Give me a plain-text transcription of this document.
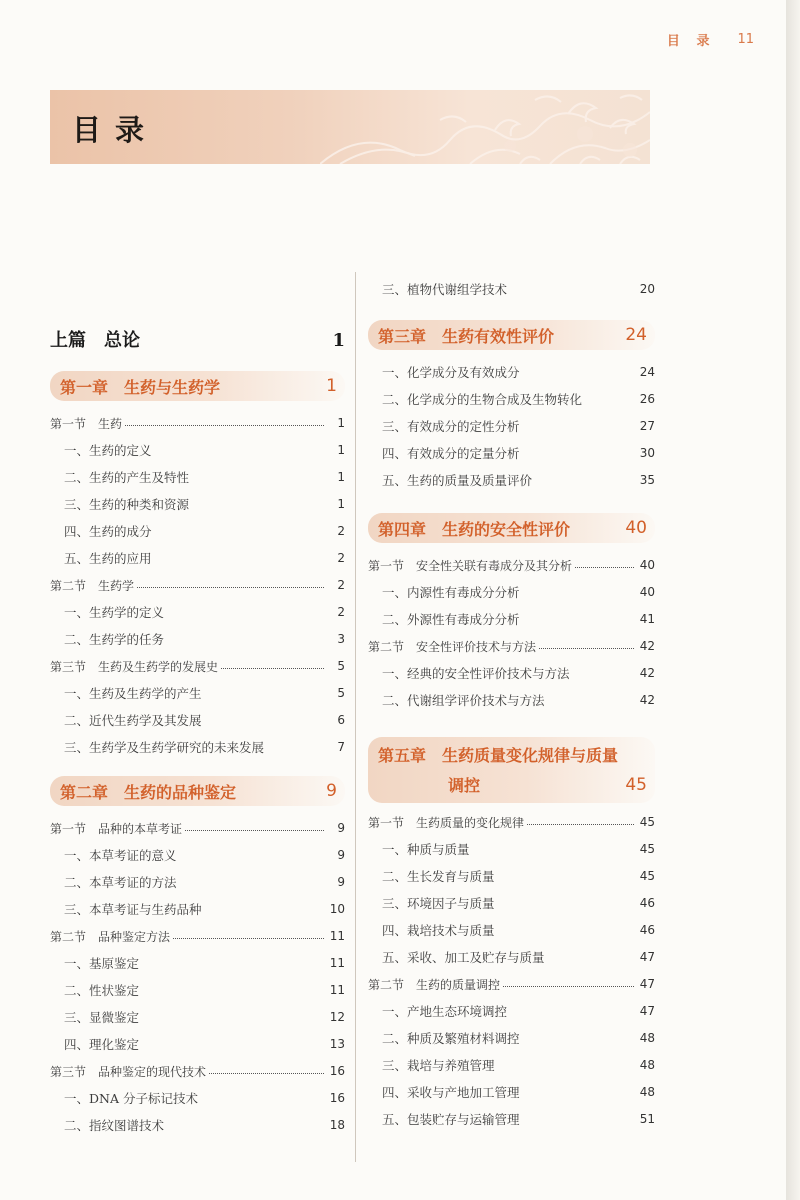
目 录 11
目录
上篇　总论	1
第一章　生药与生药学	1
第一节　生药	1
一、生药的定义	1
二、生药的产生及特性	1
三、生药的种类和资源	1
四、生药的成分	2
五、生药的应用	2
第二节　生药学	2
一、生药学的定义	2
二、生药学的任务	3
第三节　生药及生药学的发展史	5
一、生药及生药学的产生	5
二、近代生药学及其发展	6
三、生药学及生药学研究的未来发展	7
第二章　生药的品种鉴定	9
第一节　品种的本草考证	9
一、本草考证的意义	9
二、本草考证的方法	9
三、本草考证与生药品种	10
第二节　品种鉴定方法	11
一、基原鉴定	11
二、性状鉴定	11
三、显微鉴定	12
四、理化鉴定	13
第三节　品种鉴定的现代技术	16
一、DNA 分子标记技术	16
二、指纹图谱技术	18
三、植物代谢组学技术	20
第三章　生药有效性评价	24
一、化学成分及有效成分	24
二、化学成分的生物合成及生物转化	26
三、有效成分的定性分析	27
四、有效成分的定量分析	30
五、生药的质量及质量评价	35
第四章　生药的安全性评价	40
第一节　安全性关联有毒成分及其分析	40
一、内源性有毒成分分析	40
二、外源性有毒成分分析	41
第二节　安全性评价技术与方法	42
一、经典的安全性评价技术与方法	42
二、代谢组学评价技术与方法	42
第五章　生药质量变化规律与质量
调控	45
第一节　生药质量的变化规律	45
一、种质与质量	45
二、生长发育与质量	45
三、环境因子与质量	46
四、栽培技术与质量	46
五、采收、加工及贮存与质量	47
第二节　生药的质量调控	47
一、产地生态环境调控	47
二、种质及繁殖材料调控	48
三、栽培与养殖管理	48
四、采收与产地加工管理	48
五、包装贮存与运输管理	51
